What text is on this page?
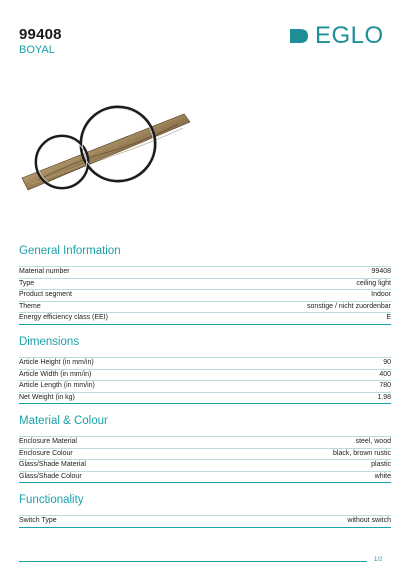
99408
BOYAL
EGLO
General Information
Material number	99408
Type	ceiling light
Product segment	Indoor
Theme	sonstige / nicht zuordenbar
Energy efficiency class (EEI)	E
Dimensions
Article Height (in mm/in)	90
Article Width (in mm/in)	400
Article Length (in mm/in)	780
Net Weight (in kg)	1.98
Material & Colour
Enclosure Material	steel, wood
Enclosure Colour	black, brown rustic
Glass/Shade Material	plastic
Glass/Shade Colour	white
Functionality
Switch Type	without switch
1/2
